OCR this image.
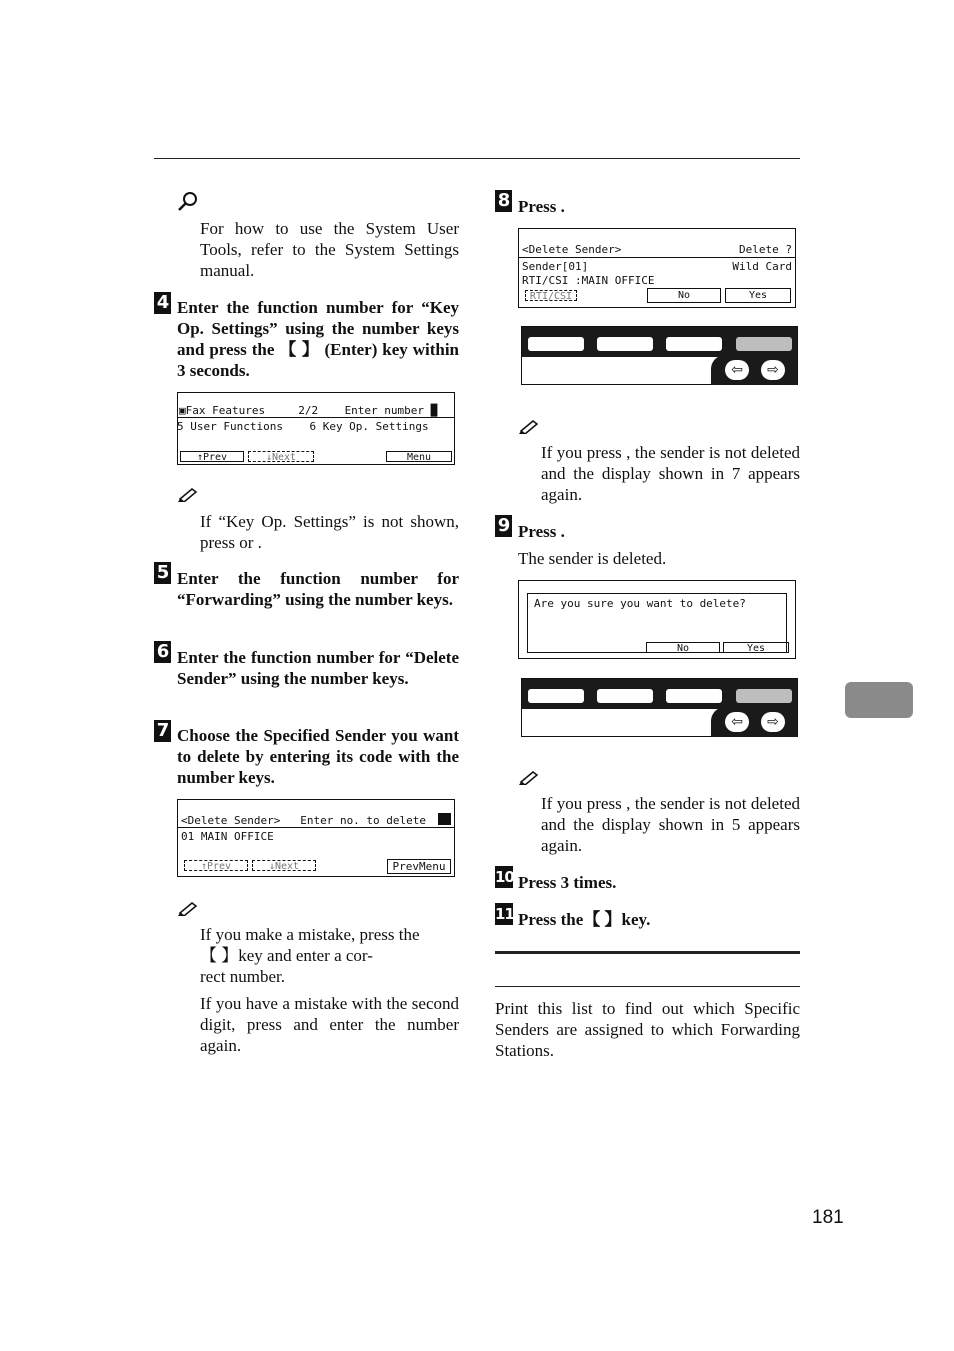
For how to use the System User Tools, refer to the System Settings manual.
4 Enter the function number for “Key Op. Settings” using the number keys and press the 【 】 (Enter) key within 3 seconds.
▣Fax Features     2/2    Enter number █
5 User Functions    6 Key Op. Settings
↑Prev	↓Next	Menu
If “Key Op. Settings” is not shown, press or .
5 Enter the function number for “Forwarding” using the number keys.
6 Enter the function number for “Delete Sender” using the number keys.
7 Choose the Specified Sender you want to delete by entering its code with the number keys.
<Delete Sender>   Enter no. to delete
01 MAIN OFFICE
↑Prev	↓Next	PrevMenu
If you make a mistake, press the
【 】key and enter a cor-
rect number.
If you have a mistake with the second digit, press and enter the number again.
8 Press .
<Delete Sender>	Delete ?
Sender[01]	Wild Card
RTI/CSI :MAIN OFFICE
RTI/CSI	No	Yes
⇦	⇨
If you press , the sender is not deleted and the display shown in 7 appears again.
9 Press .
The sender is deleted.
Are you sure you want to delete?
No	Yes
⇦	⇨
If you press , the sender is not deleted and the display shown in 5 appears again.
10 Press 3 times.
11 Press the【 】key.
Print this list to find out which Specific Senders are assigned to which Forwarding Stations.
181
